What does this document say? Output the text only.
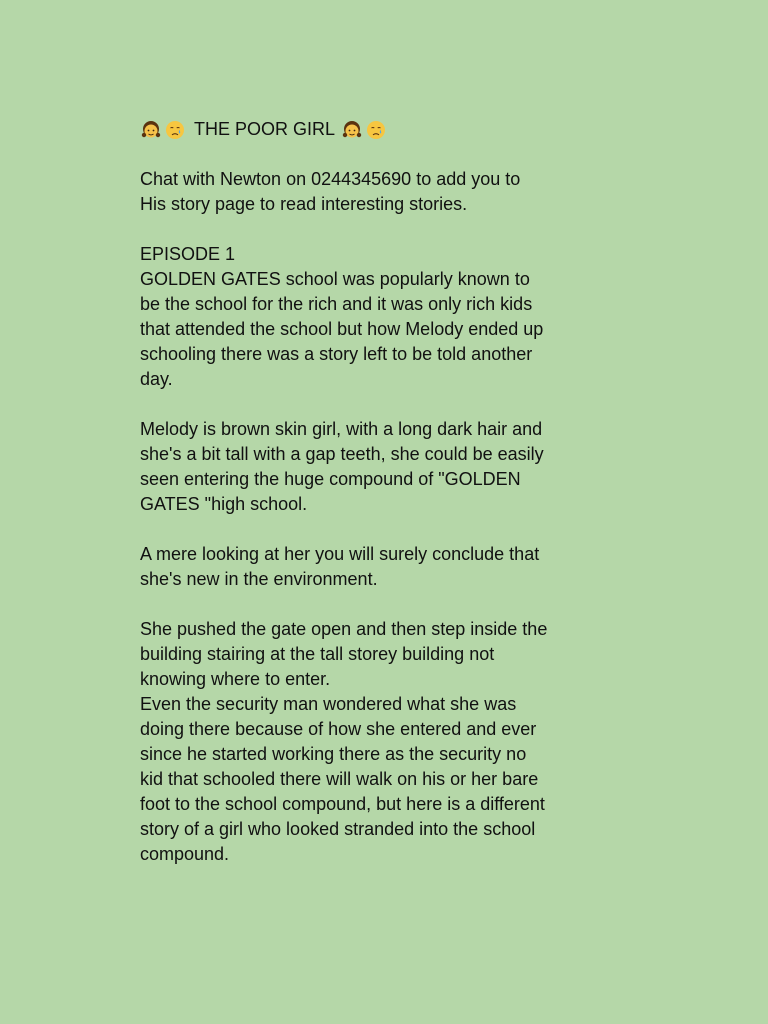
THE POOR GIRL
Chat with Newton on 0244345690 to add you to
His story page to read interesting stories.
EPISODE 1
GOLDEN GATES school was popularly known to
be the school for the rich and it was only rich kids
that attended the school but how Melody ended up
schooling there was a story left to be told another
day.
Melody is brown skin girl, with a long dark hair and
she's a bit tall with a gap teeth, she could be easily
seen entering the huge compound of "GOLDEN
GATES "high school.
A mere looking at her you will surely conclude that
she's new in the environment.
She pushed the gate open and then step inside the
building stairing at the tall storey building not
knowing where to enter.
Even the security man wondered what she was
doing there because of how she entered and ever
since he started working there as the security no
kid that schooled there will walk on his or her bare
foot to the school compound, but here is a different
story of a girl who looked stranded into the school
compound.
